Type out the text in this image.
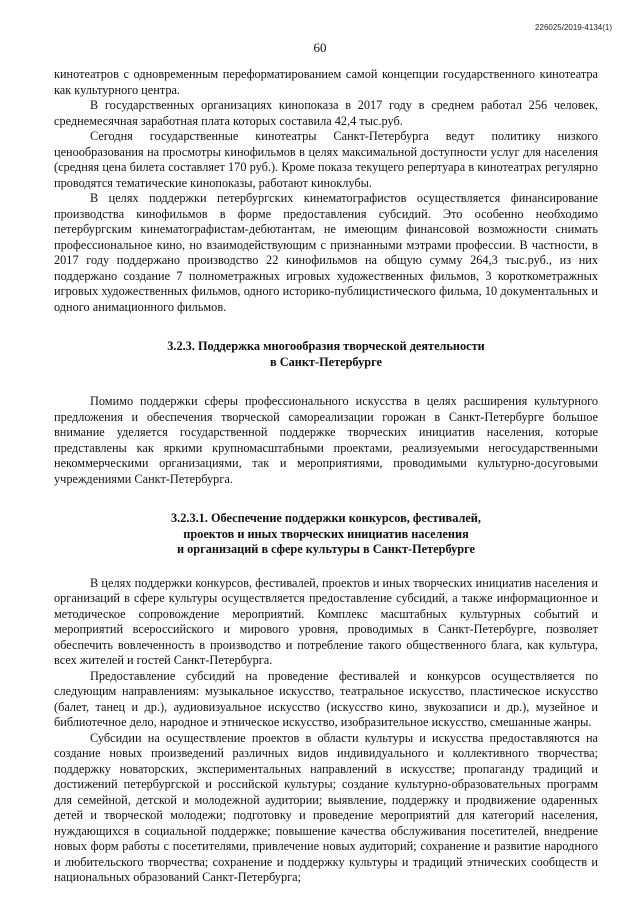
226025/2019-4134(1)
60

кинотеатров с одновременным переформатированием самой концепции государственного кинотеатра как культурного центра.

В государственных организациях кинопоказа в 2017 году в среднем работал 256 человек, среднемесячная заработная плата которых составила 42,4 тыс.руб.

Сегодня государственные кинотеатры Санкт-Петербурга ведут политику низкого ценообразования на просмотры кинофильмов в целях максимальной доступности услуг для населения (средняя цена билета составляет 170 руб.). Кроме показа текущего репертуара в кинотеатрах регулярно проводятся тематические кинопоказы, работают киноклубы.

В целях поддержки петербургских кинематографистов осуществляется финансирование производства кинофильмов в форме предоставления субсидий. Это особенно необходимо петербургским кинематографистам-дебютантам, не имеющим финансовой возможности снимать профессиональное кино, но взаимодействующим с признанными мэтрами профессии. В частности, в 2017 году поддержано производство 22 кинофильмов на общую сумму 264,3 тыс.руб., из них поддержано создание 7 полнометражных игровых художественных фильмов, 3 короткометражных игровых художественных фильмов, одного историко-публицистического фильма, 10 документальных и одного анимационного фильмов.

3.2.3. Поддержка многообразия творческой деятельности
в Санкт-Петербурге

Помимо поддержки сферы профессионального искусства в целях расширения культурного предложения и обеспечения творческой самореализации горожан в Санкт-Петербурге большое внимание уделяется государственной поддержке творческих инициатив населения, которые представлены как яркими крупномасштабными проектами, реализуемыми негосударственными некоммерческими организациями, так и мероприятиями, проводимыми культурно-досуговыми учреждениями Санкт-Петербурга.

3.2.3.1. Обеспечение поддержки конкурсов, фестивалей,
проектов и иных творческих инициатив населения
и организаций в сфере культуры в Санкт-Петербурге

В целях поддержки конкурсов, фестивалей, проектов и иных творческих инициатив населения и организаций в сфере культуры осуществляется предоставление субсидий, а также информационное и методическое сопровождение мероприятий. Комплекс масштабных культурных событий и мероприятий всероссийского и мирового уровня, проводимых в Санкт-Петербурге, позволяет обеспечить вовлеченность в производство и потребление такого общественного блага, как культура, всех жителей и гостей Санкт-Петербурга.

Предоставление субсидий на проведение фестивалей и конкурсов осуществляется по следующим направлениям: музыкальное искусство, театральное искусство, пластическое искусство (балет, танец и др.), аудиовизуальное искусство (искусство кино, звукозаписи и др.), музейное и библиотечное дело, народное и этническое искусство, изобразительное искусство, смешанные жанры.

Субсидии на осуществление проектов в области культуры и искусства предоставляются на создание новых произведений различных видов индивидуального и коллективного творчества; поддержку новаторских, экспериментальных направлений в искусстве; пропаганду традиций и достижений петербургской и российской культуры; создание культурно-образовательных программ для семейной, детской и молодежной аудитории; выявление, поддержку и продвижение одаренных детей и творческой молодежи; подготовку и проведение мероприятий для категорий населения, нуждающихся в социальной поддержке; повышение качества обслуживания посетителей, внедрение новых форм работы с посетителями, привлечение новых аудиторий; сохранение и развитие народного и любительского творчества; сохранение и поддержку культуры и традиций этнических сообществ и национальных образований Санкт-Петербурга;
